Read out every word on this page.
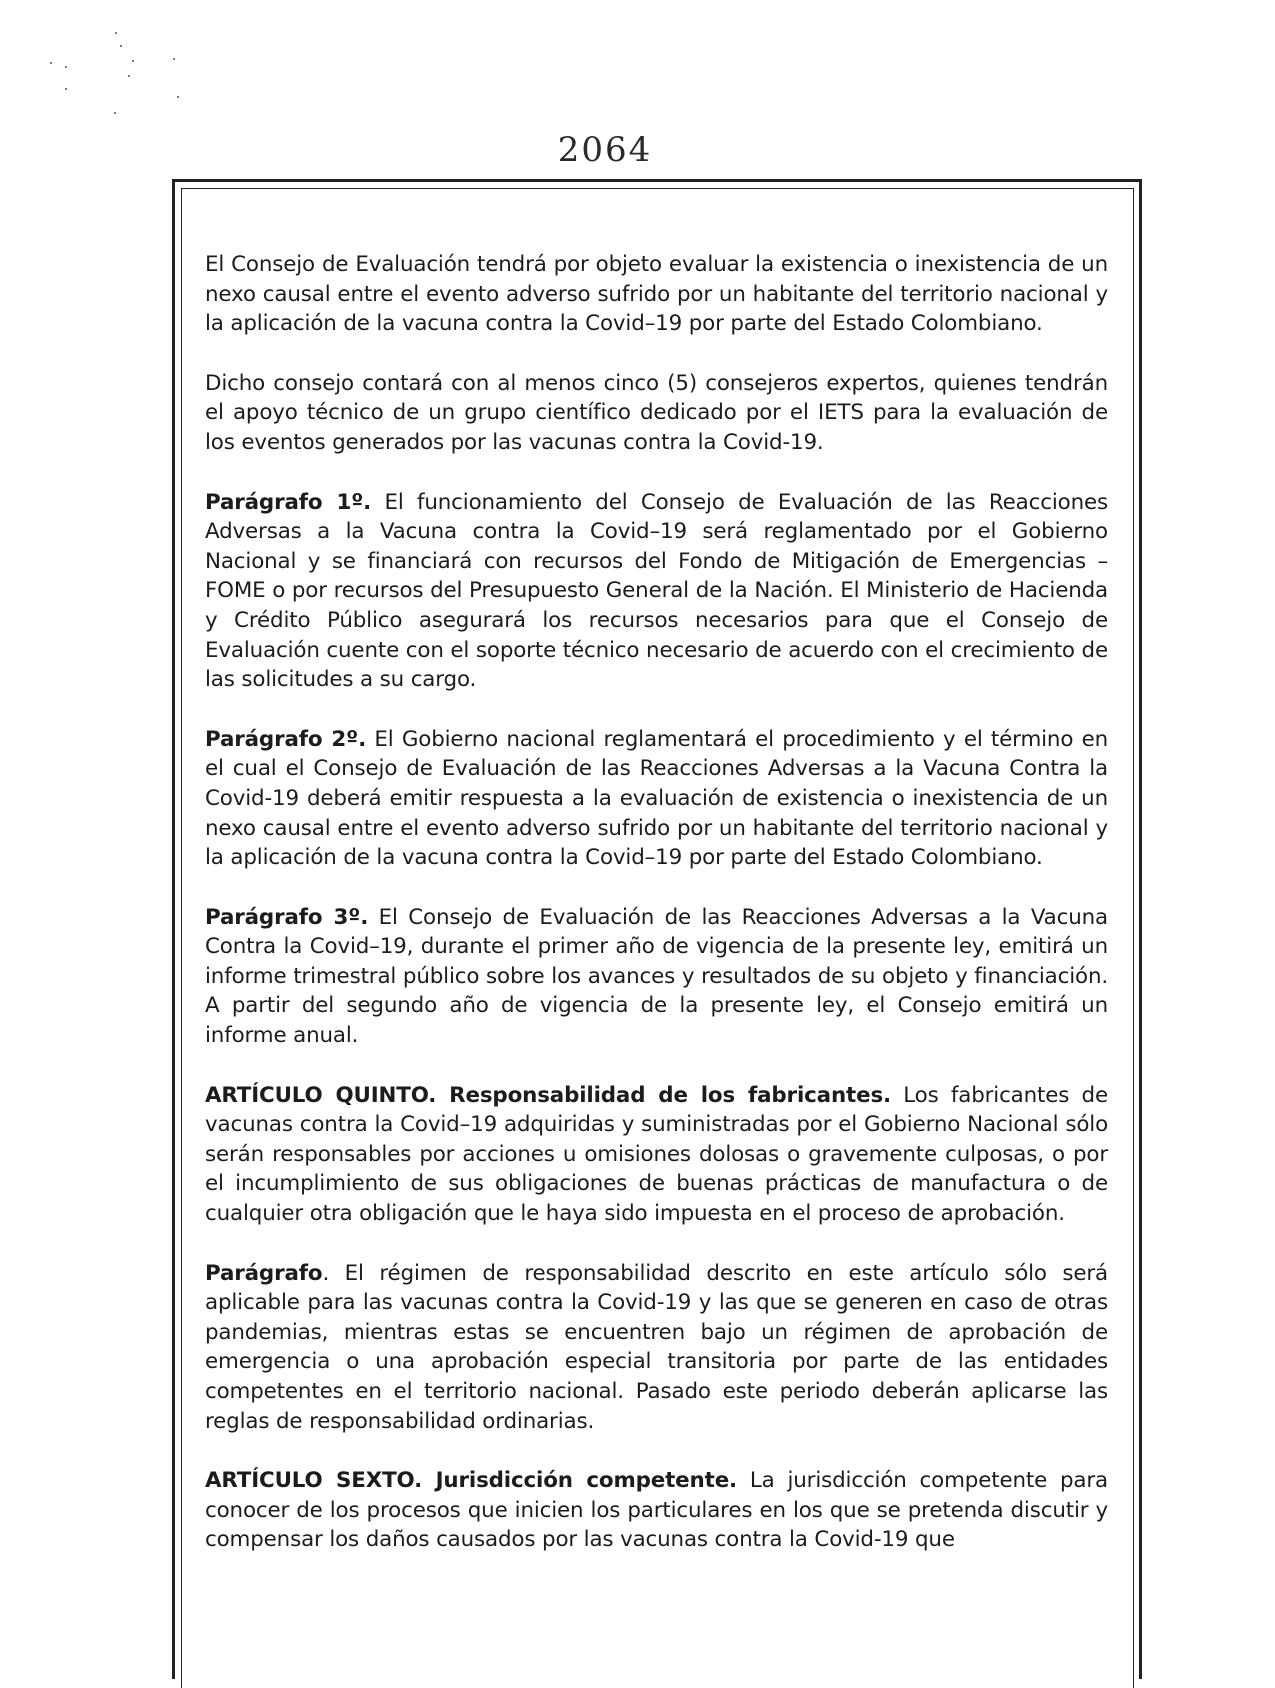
2064

El Consejo de Evaluación tendrá por objeto evaluar la existencia o inexistencia de un nexo causal entre el evento adverso sufrido por un habitante del territorio nacional y la aplicación de la vacuna contra la Covid–19 por parte del Estado Colombiano.

Dicho consejo contará con al menos cinco (5) consejeros expertos, quienes tendrán el apoyo técnico de un grupo científico dedicado por el IETS para la evaluación de los eventos generados por las vacunas contra la Covid-19.

Parágrafo 1º. El funcionamiento del Consejo de Evaluación de las Reacciones Adversas a la Vacuna contra la Covid–19 será reglamentado por el Gobierno Nacional y se financiará con recursos del Fondo de Mitigación de Emergencias – FOME o por recursos del Presupuesto General de la Nación. El Ministerio de Hacienda y Crédito Público asegurará los recursos necesarios para que el Consejo de Evaluación cuente con el soporte técnico necesario de acuerdo con el crecimiento de las solicitudes a su cargo.

Parágrafo 2º. El Gobierno nacional reglamentará el procedimiento y el término en el cual el Consejo de Evaluación de las Reacciones Adversas a la Vacuna Contra la Covid-19 deberá emitir respuesta a la evaluación de existencia o inexistencia de un nexo causal entre el evento adverso sufrido por un habitante del territorio nacional y la aplicación de la vacuna contra la Covid–19 por parte del Estado Colombiano.

Parágrafo 3º. El Consejo de Evaluación de las Reacciones Adversas a la Vacuna Contra la Covid–19, durante el primer año de vigencia de la presente ley, emitirá un informe trimestral público sobre los avances y resultados de su objeto y financiación. A partir del segundo año de vigencia de la presente ley, el Consejo emitirá un informe anual.

ARTÍCULO QUINTO. Responsabilidad de los fabricantes. Los fabricantes de vacunas contra la Covid–19 adquiridas y suministradas por el Gobierno Nacional sólo serán responsables por acciones u omisiones dolosas o gravemente culposas, o por el incumplimiento de sus obligaciones de buenas prácticas de manufactura o de cualquier otra obligación que le haya sido impuesta en el proceso de aprobación.

Parágrafo. El régimen de responsabilidad descrito en este artículo sólo será aplicable para las vacunas contra la Covid-19 y las que se generen en caso de otras pandemias, mientras estas se encuentren bajo un régimen de aprobación de emergencia o una aprobación especial transitoria por parte de las entidades competentes en el territorio nacional. Pasado este periodo deberán aplicarse las reglas de responsabilidad ordinarias.

ARTÍCULO SEXTO. Jurisdicción competente. La jurisdicción competente para conocer de los procesos que inicien los particulares en los que se pretenda discutir y compensar los daños causados por las vacunas contra la Covid-19 que
